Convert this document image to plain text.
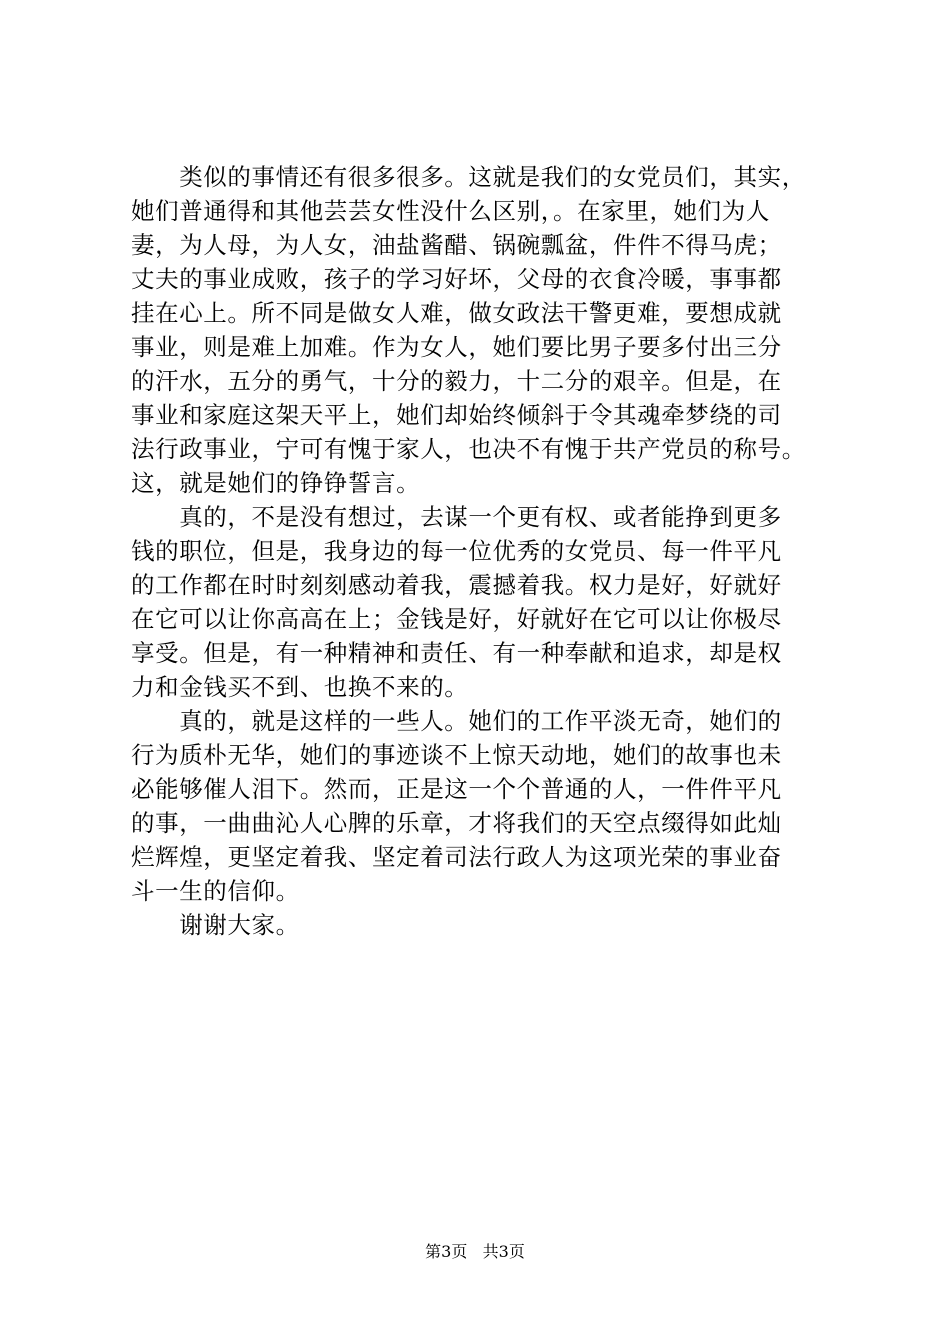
　　类似的事情还有很多很多。这就是我们的女党员们，其实，
她们普通得和其他芸芸女性没什么区别，。在家里，她们为人
妻，为人母，为人女，油盐酱醋、锅碗瓢盆，件件不得马虎；
丈夫的事业成败，孩子的学习好坏，父母的衣食冷暖，事事都
挂在心上。所不同是做女人难，做女政法干警更难，要想成就
事业，则是难上加难。作为女人，她们要比男子要多付出三分
的汗水，五分的勇气，十分的毅力，十二分的艰辛。但是，在
事业和家庭这架天平上，她们却始终倾斜于令其魂牵梦绕的司
法行政事业，宁可有愧于家人，也决不有愧于共产党员的称号。
这，就是她们的铮铮誓言。
　　真的，不是没有想过，去谋一个更有权、或者能挣到更多
钱的职位，但是，我身边的每一位优秀的女党员、每一件平凡
的工作都在时时刻刻感动着我，震撼着我。权力是好，好就好
在它可以让你高高在上；金钱是好，好就好在它可以让你极尽
享受。但是，有一种精神和责任、有一种奉献和追求，却是权
力和金钱买不到、也换不来的。
　　真的，就是这样的一些人。她们的工作平淡无奇，她们的
行为质朴无华，她们的事迹谈不上惊天动地，她们的故事也未
必能够催人泪下。然而，正是这一个个普通的人，一件件平凡
的事，一曲曲沁人心脾的乐章，才将我们的天空点缀得如此灿
烂辉煌，更坚定着我、坚定着司法行政人为这项光荣的事业奋
斗一生的信仰。
　　谢谢大家。
第3页 共3页
